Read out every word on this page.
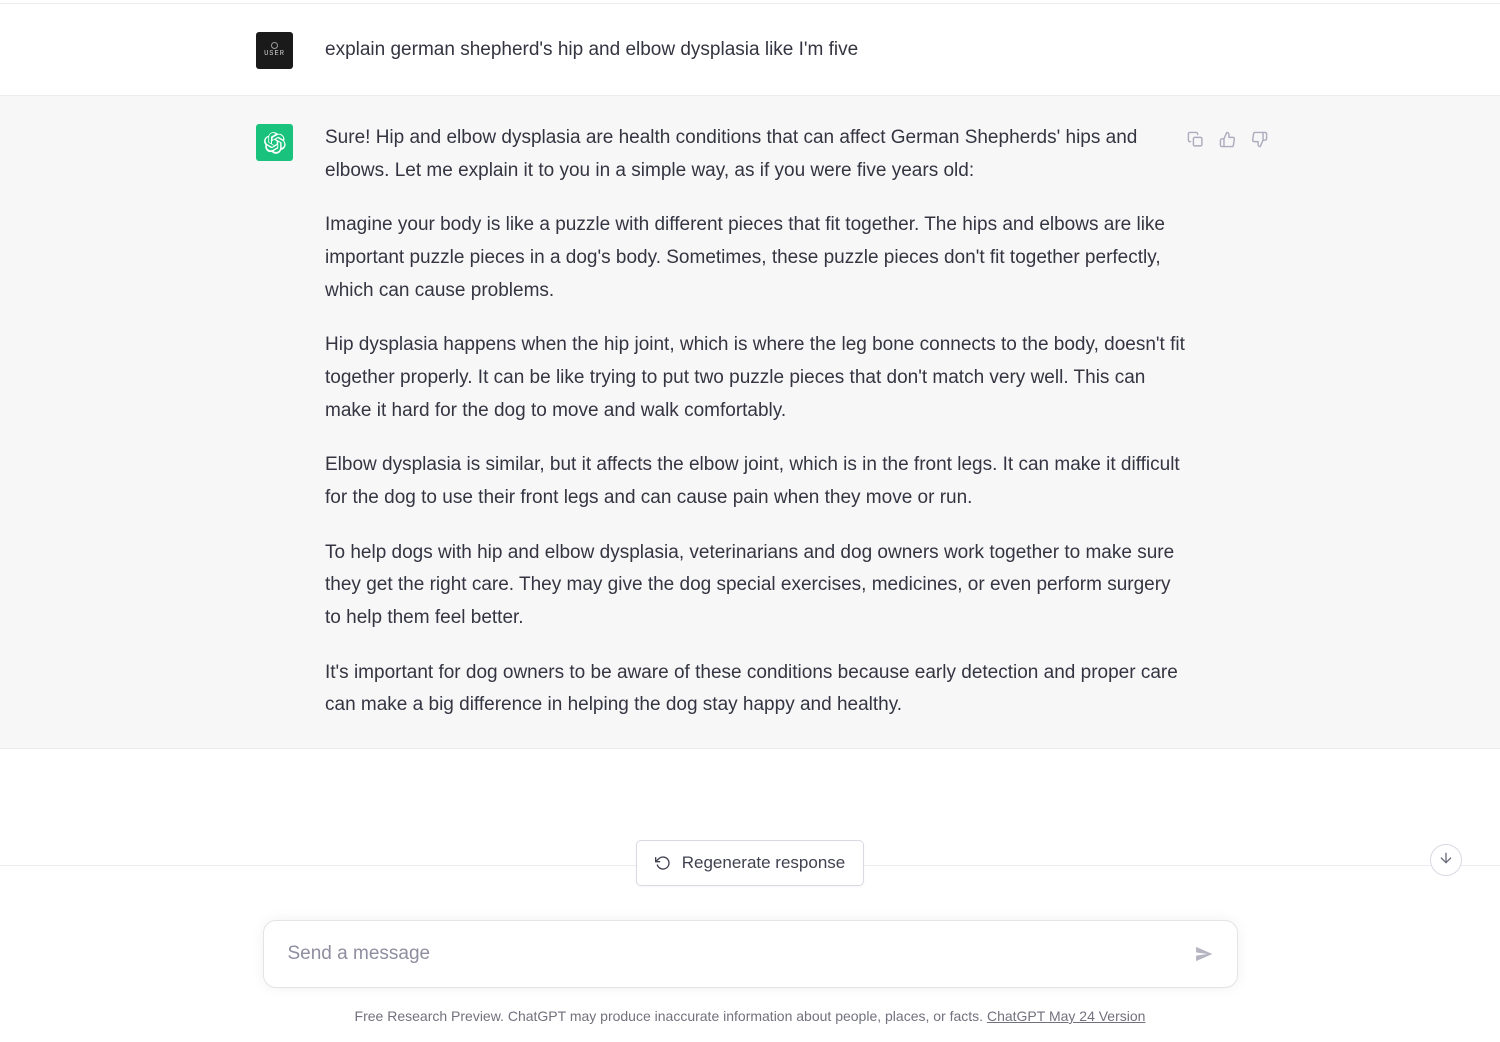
USER explain german shepherd's hip and elbow dysplasia like I'm five

Sure! Hip and elbow dysplasia are health conditions that can affect German Shepherds' hips and elbows. Let me explain it to you in a simple way, as if you were five years old:

Imagine your body is like a puzzle with different pieces that fit together. The hips and elbows are like important puzzle pieces in a dog's body. Sometimes, these puzzle pieces don't fit together perfectly, which can cause problems.

Hip dysplasia happens when the hip joint, which is where the leg bone connects to the body, doesn't fit together properly. It can be like trying to put two puzzle pieces that don't match very well. This can make it hard for the dog to move and walk comfortably.

Elbow dysplasia is similar, but it affects the elbow joint, which is in the front legs. It can make it difficult for the dog to use their front legs and can cause pain when they move or run.

To help dogs with hip and elbow dysplasia, veterinarians and dog owners work together to make sure they get the right care. They may give the dog special exercises, medicines, or even perform surgery to help them feel better.

It's important for dog owners to be aware of these conditions because early detection and proper care can make a big difference in helping the dog stay happy and healthy.

Regenerate response
Send a message
Free Research Preview. ChatGPT may produce inaccurate information about people, places, or facts. ChatGPT May 24 Version
